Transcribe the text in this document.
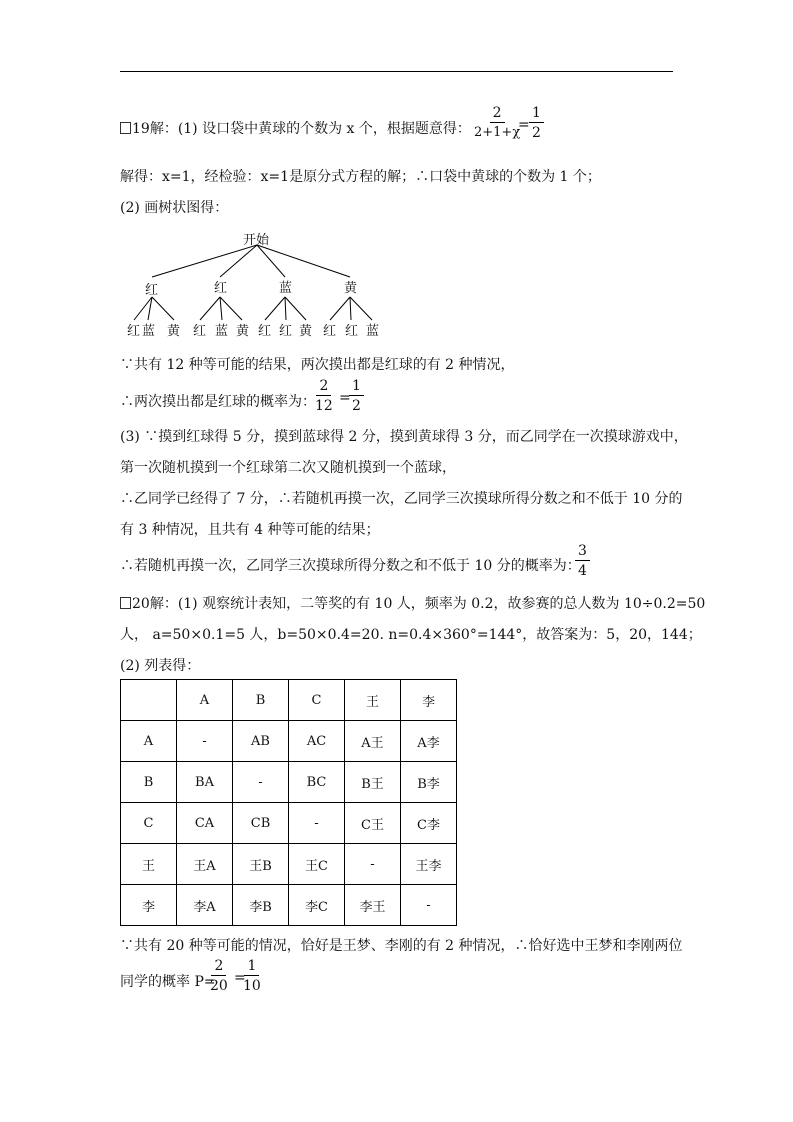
19解：(1) 设口袋中黄球的个数为 x 个，根据题意得： $\frac{2}{2+1+\chi}$
= $\frac{1}{2}$
解得：x=1，经检验：x=1是原分式方程的解；∴口袋中黄球的个数为 1 个；
(2) 画树状图得：
开始
红	红	蓝	黄
红 蓝 黄 红 蓝 黄 红 红 黄 红 红 蓝
∵共有 12 种等可能的结果，两次摸出都是红球的有 2 种情况，
∴两次摸出都是红球的概率为： $\frac{2}{12}$ =
$\frac{1}{2}$
(3) ∵摸到红球得 5 分，摸到蓝球得 2 分，摸到黄球得 3 分，而乙同学在一次摸球游戏中，
第一次随机摸到一个红球第二次又随机摸到一个蓝球，
∴乙同学已经得了 7 分，∴若随机再摸一次，乙同学三次摸球所得分数之和不低于 10 分的
有 3 种情况，且共有 4 种等可能的结果；
∴若随机再摸一次，乙同学三次摸球所得分数之和不低于 10 分的概率为：
$\frac{3}{4}$
20解：(1) 观察统计表知，二等奖的有 10 人，频率为 0.2，故参赛的总人数为 10÷0.2=50
人， a=50×0.1=5 人，b=50×0.4=20. n=0.4×360°=144°，故答案为：5，20，144；
(2) 列表得：
	A	B	C	王	李
A	-	AB	AC	A王	A李
B	BA	-	BC	B王	B李
C	CA	CB	-	C王	C李
王	王A	王B	王C	-	王李
李	李A	李B	李C	李王	-
∵共有 20 种等可能的情况，恰好是王梦、李刚的有 2 种情况，∴恰好选中王梦和李刚两位
同学的概率 P=
$\frac{2}{20}$ =
$\frac{1}{10}$
